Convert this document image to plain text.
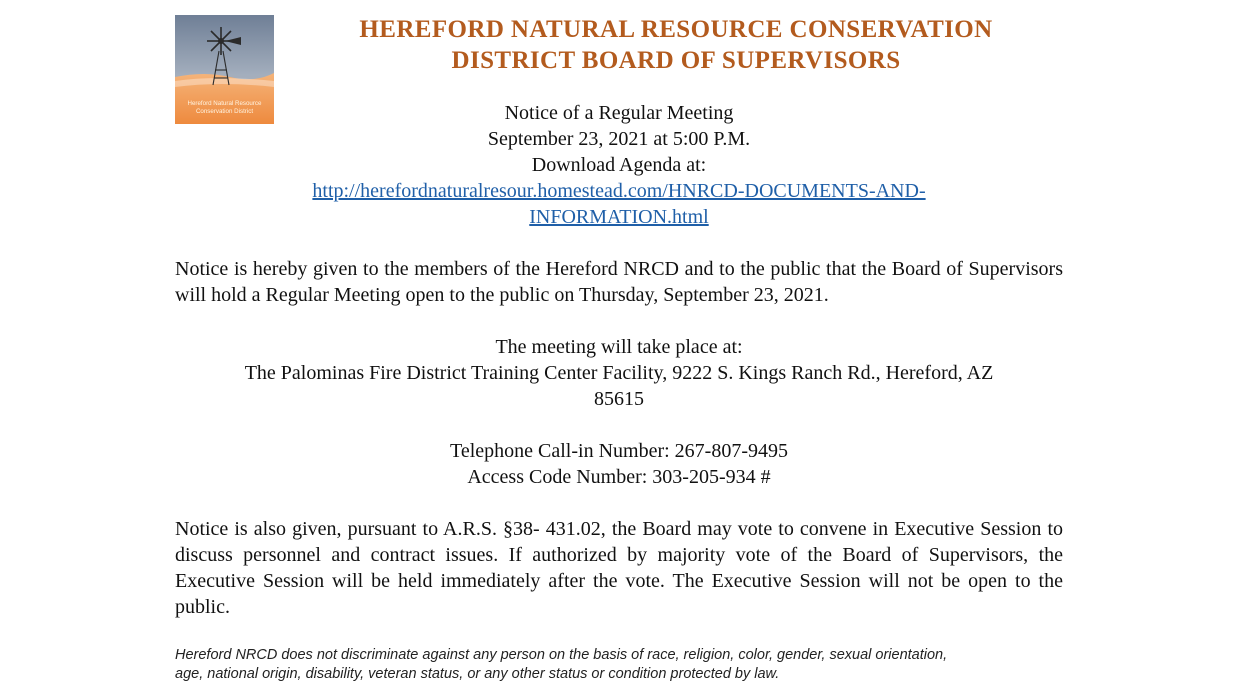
Hereford Natural Resource
Conservation District
HEREFORD NATURAL RESOURCE CONSERVATION
DISTRICT BOARD OF SUPERVISORS
Notice of a Regular Meeting
September 23, 2021 at 5:00 P.M.
Download Agenda at:
http://herefordnaturalresour.homestead.com/HNRCD-DOCUMENTS-AND-
INFORMATION.html
Notice is hereby given to the members of the Hereford NRCD and to the public that the Board of Supervisors will hold a Regular Meeting open to the public on Thursday, September 23, 2021.
The meeting will take place at:
The Palominas Fire District Training Center Facility, 9222 S. Kings Ranch Rd., Hereford, AZ
85615
Telephone Call-in Number: 267-807-9495
Access Code Number: 303-205-934 #
Notice is also given, pursuant to A.R.S. §38- 431.02, the Board may vote to convene in Executive Session to discuss personnel and contract issues. If authorized by majority vote of the Board of Supervisors, the Executive Session will be held immediately after the vote. The Executive Session will not be open to the public.
Hereford NRCD does not discriminate against any person on the basis of race, religion, color, gender, sexual orientation,
age, national origin, disability, veteran status, or any other status or condition protected by law.
